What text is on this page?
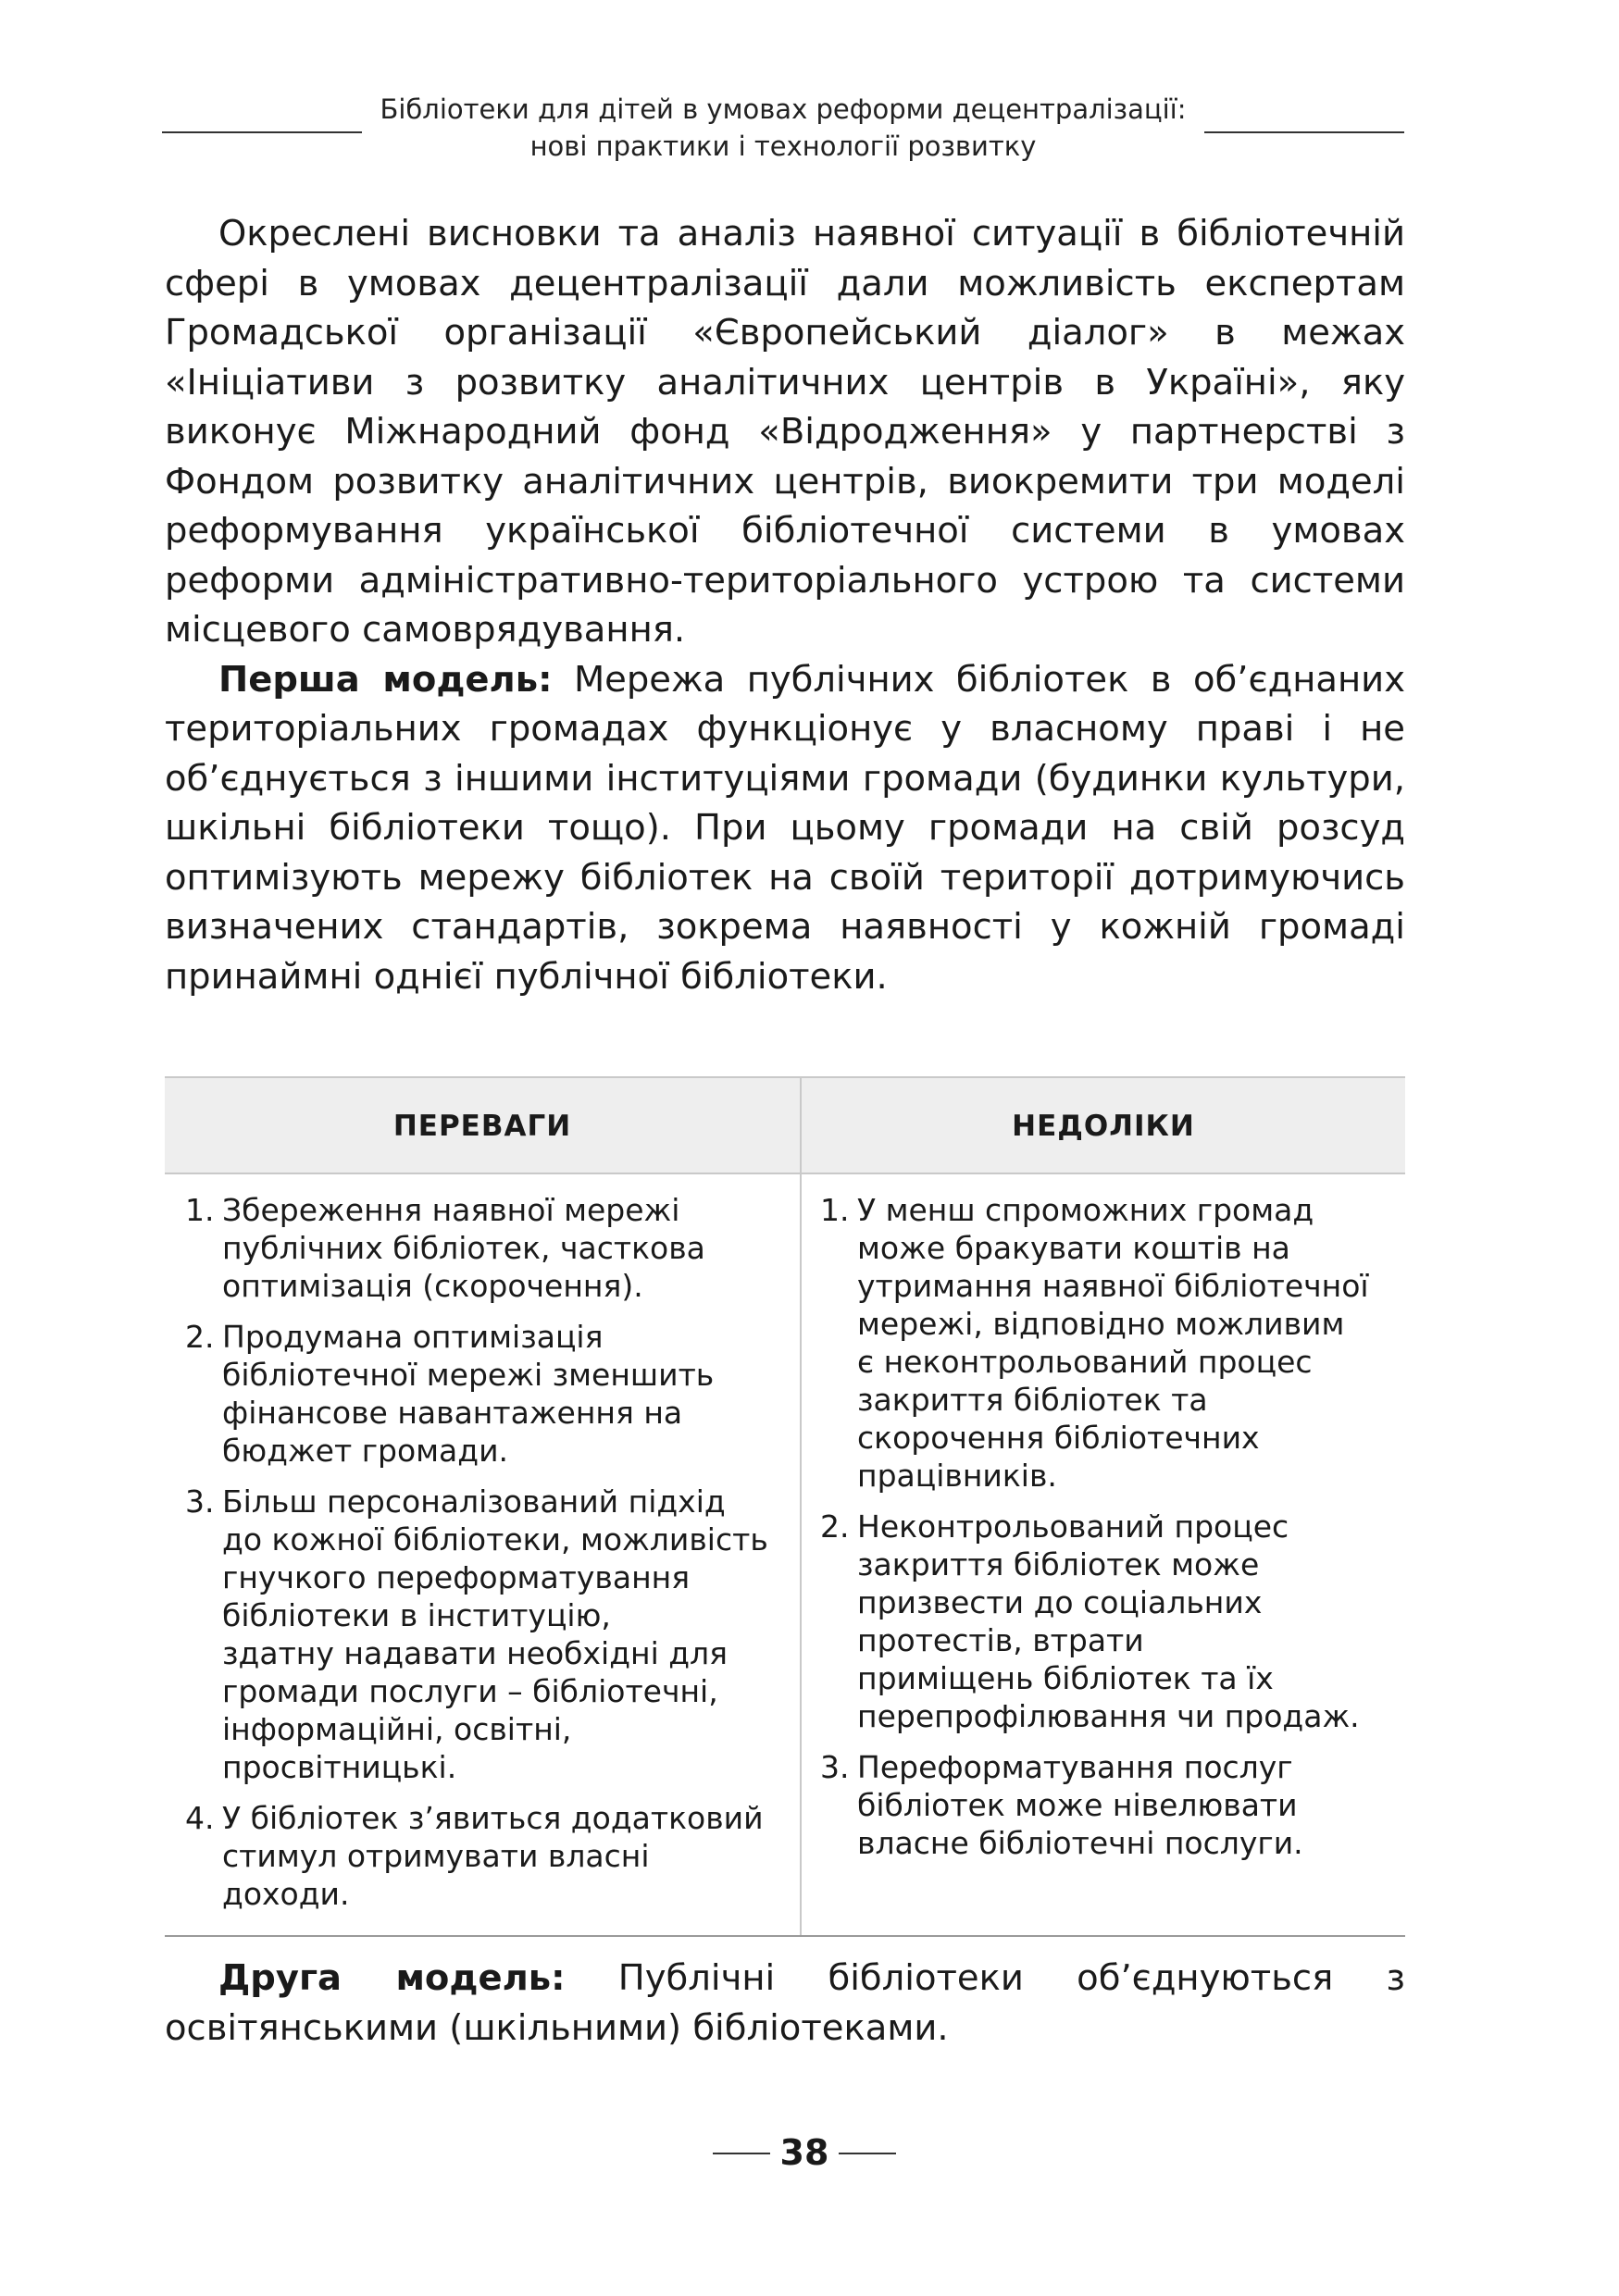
Бібліотеки для дітей в умовах реформи децентралізації:
нові практики і технології розвитку

Окреслені висновки та аналіз наявної ситуації в бібліотечній сфері в умовах децентралізації дали можливість експертам Громадської організації «Європейський діалог» в межах «Ініціативи з розвитку аналітичних центрів в Україні», яку виконує Міжнародний фонд «Відродження» у партнерстві з Фондом розвитку аналітичних центрів, виокремити три моделі реформування української бібліотечної системи в умовах реформи адміністративно-територіального устрою та системи місцевого самоврядування.

Перша модель: Мережа публічних бібліотек в об’єднаних територіальних громадах функціонує у власному праві і не об’єднується з іншими інституціями громади (будинки культури, шкільні бібліотеки тощо). При цьому громади на свій розсуд оптимізують мережу бібліотек на своїй території дотримуючись визначених стандартів, зокрема наявності у кожній громаді принаймні однієї публічної бібліотеки.

ПЕРЕВАГИ	НЕДОЛІКИ
1. Збереження наявної мережі
публічних бібліотек, часткова
оптимізація (скорочення).
2. Продумана оптимізація
бібліотечної мережі зменшить
фінансове навантаження на
бюджет громади.
3. Більш персоналізований підхід
до кожної бібліотеки, можливість
гнучкого переформатування
бібліотеки в інституцію,
здатну надавати необхідні для
громади послуги – бібліотечні,
інформаційні, освітні,
просвітницькі.
4. У бібліотек з’явиться додатковий
стимул отримувати власні
доходи.
1. У менш спроможних громад
може бракувати коштів на
утримання наявної бібліотечної
мережі, відповідно можливим
є неконтрольований процес
закриття бібліотек та
скорочення бібліотечних
працівників.
2. Неконтрольований процес
закриття бібліотек може
призвести до соціальних
протестів, втрати
приміщень бібліотек та їх
перепрофілювання чи продаж.
3. Переформатування послуг
бібліотек може нівелювати
власне бібліотечні послуги.

Друга модель: Публічні бібліотеки об’єднуються з освітянськими (шкільними) бібліотеками.

38
